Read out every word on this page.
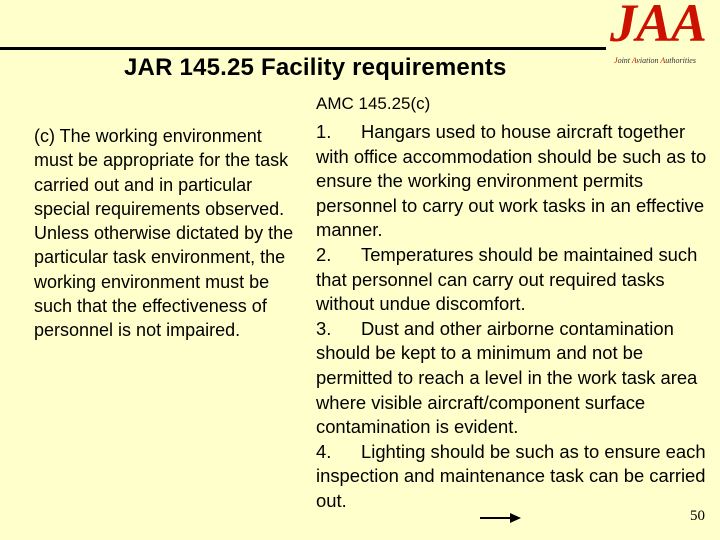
JAR 145.25 Facility requirements
JAA
Joint Aviation Authorities
AMC 145.25(c)

(c) The working environment must be appropriate for the task carried out and in particular special requirements observed. Unless otherwise dictated by the particular task environment, the working environment must be such that the effectiveness of personnel is not impaired.

1. Hangars used to house aircraft together with office accommodation should be such as to ensure the working environment permits personnel to carry out work tasks in an effective manner.

2. Temperatures should be maintained such that personnel can carry out required tasks without undue discomfort.

3. Dust and other airborne contamination should be kept to a minimum and not be permitted to reach a level in the work task area where visible aircraft/component surface contamination is evident.

4. Lighting should be such as to ensure each inspection and maintenance task can be carried out.

50
